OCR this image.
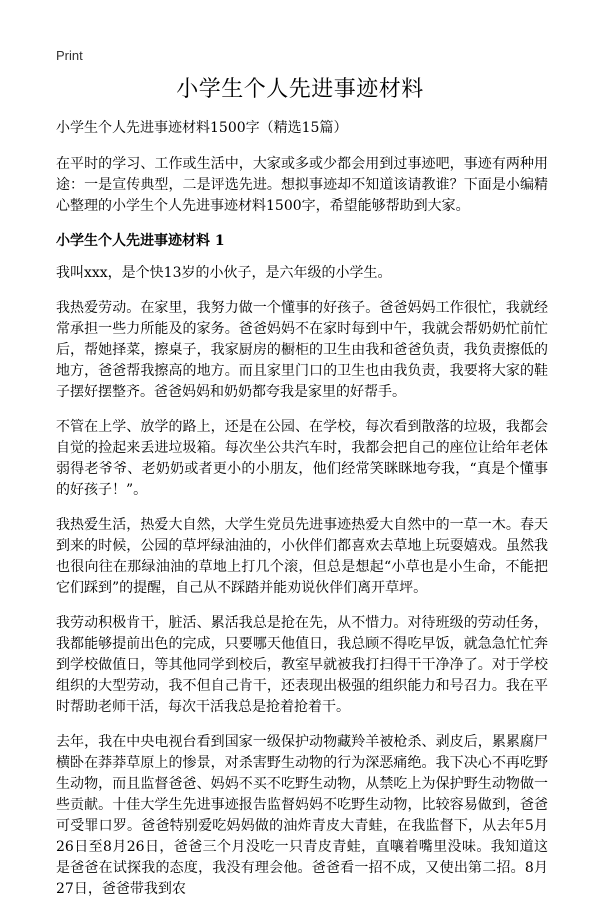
Print
小学生个人先进事迹材料

小学生个人先进事迹材料1500字（精选15篇）

在平时的学习、工作或生活中，大家或多或少都会用到过事迹吧，事迹有两种用途：一是宣传典型，二是评选先进。想拟事迹却不知道该请教谁？下面是小编精心整理的小学生个人先进事迹材料1500字，希望能够帮助到大家。

小学生个人先进事迹材料 1

我叫xxx，是个快13岁的小伙子，是六年级的小学生。

我热爱劳动。在家里，我努力做一个懂事的好孩子。爸爸妈妈工作很忙，我就经常承担一些力所能及的家务。爸爸妈妈不在家时每到中午，我就会帮奶奶忙前忙后，帮她择菜，擦桌子，我家厨房的橱柜的卫生由我和爸爸负责，我负责擦低的地方，爸爸帮我擦高的地方。而且家里门口的卫生也由我负责，我要将大家的鞋子摆好摆整齐。爸爸妈妈和奶奶都夸我是家里的好帮手。

不管在上学、放学的路上，还是在公园、在学校，每次看到散落的垃圾，我都会自觉的捡起来丢进垃圾箱。每次坐公共汽车时，我都会把自己的座位让给年老体弱得老爷爷、老奶奶或者更小的小朋友，他们经常笑眯眯地夸我，“真是个懂事的好孩子！”。

我热爱生活，热爱大自然，大学生党员先进事迹热爱大自然中的一草一木。春天到来的时候，公园的草坪绿油油的，小伙伴们都喜欢去草地上玩耍嬉戏。虽然我也很向往在那绿油油的草地上打几个滚，但总是想起“小草也是小生命，不能把它们踩到”的提醒，自己从不踩踏并能劝说伙伴们离开草坪。

我劳动积极肯干，脏活、累活我总是抢在先，从不惜力。对待班级的劳动任务，我都能够提前出色的完成，只要哪天他值日，我总顾不得吃早饭，就急急忙忙奔到学校做值日，等其他同学到校后，教室早就被我打扫得干干净净了。对于学校组织的大型劳动，我不但自己肯干，还表现出极强的组织能力和号召力。我在平时帮助老师干活，每次干活我总是抢着抢着干。

去年，我在中央电视台看到国家一级保护动物藏羚羊被枪杀、剥皮后，累累腐尸横卧在莽莽草原上的惨景，对杀害野生动物的行为深恶痛绝。我下决心不再吃野生动物，而且监督爸爸、妈妈不买不吃野生动物，从禁吃上为保护野生动物做一些贡献。十佳大学生先进事迹报告监督妈妈不吃野生动物，比较容易做到，爸爸可受罪口罗。爸爸特别爱吃妈妈做的油炸青皮大青蛙，在我监督下，从去年5月26日至8月26日，爸爸三个月没吃一只青皮青蛙，直嚷着嘴里没味。我知道这是爸爸在试探我的态度，我没有理会他。爸爸看一招不成，又使出第二招。8月27日，爸爸带我到农
